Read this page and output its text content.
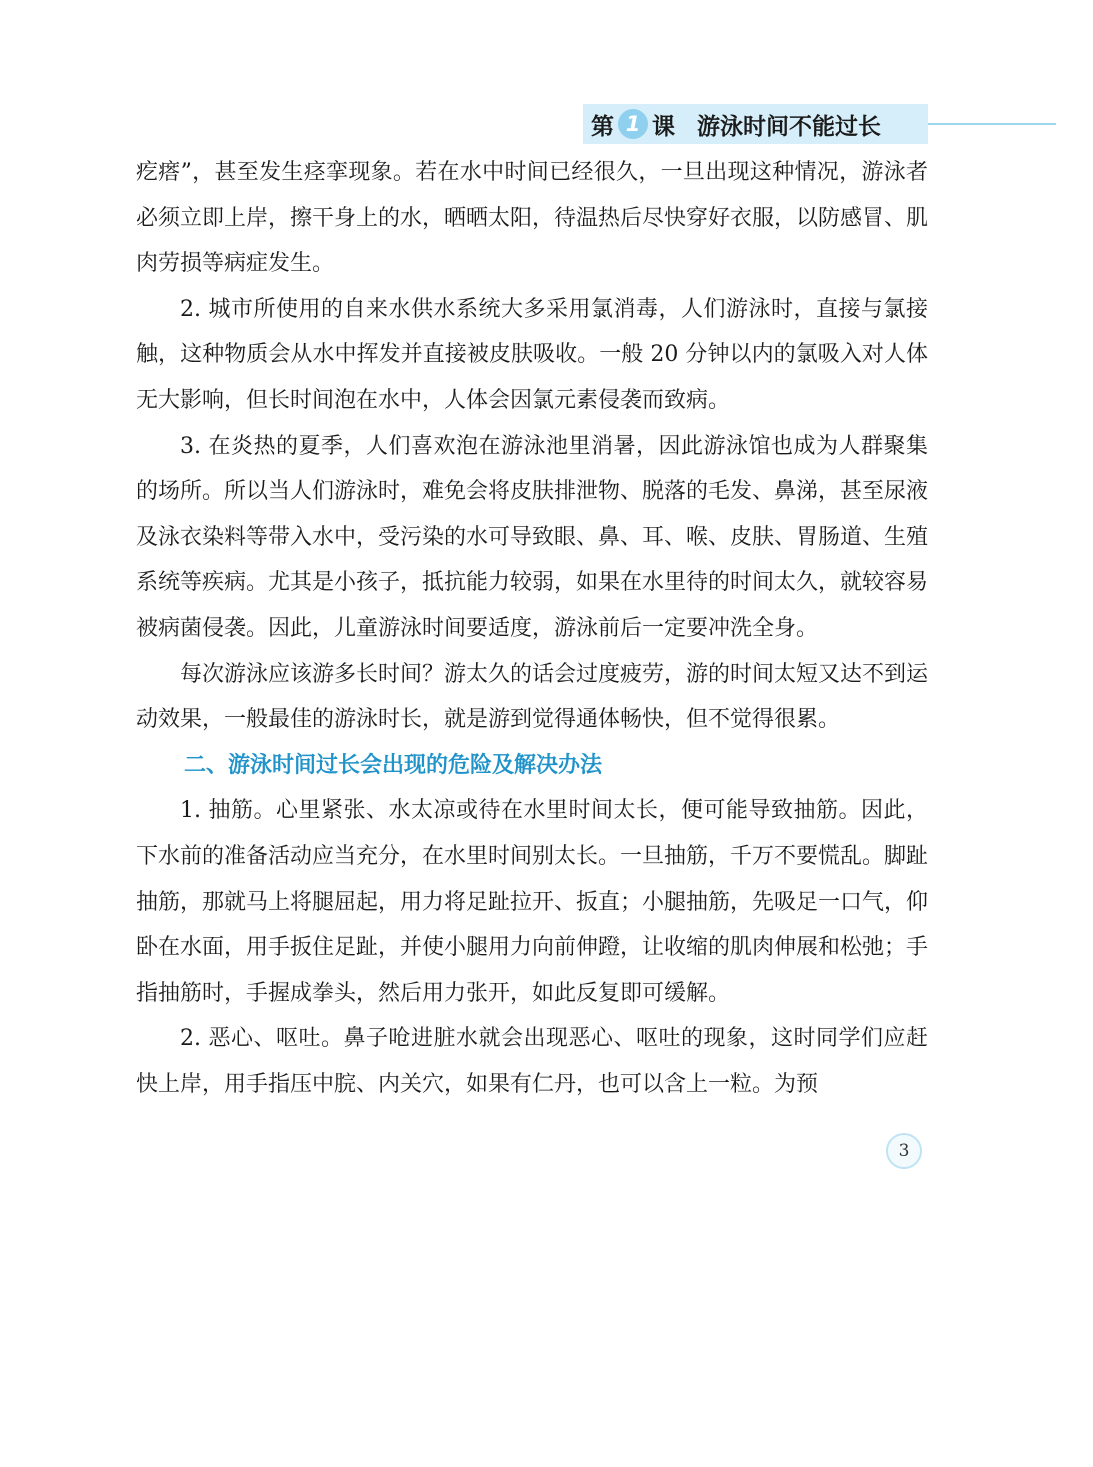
第 1 课 游泳时间不能过长

疙瘩”，甚至发生痉挛现象。若在水中时间已经很久，一旦出现这种情况，游泳者必须立即上岸，擦干身上的水，晒晒太阳，待温热后尽快穿好衣服，以防感冒、肌肉劳损等病症发生。

2. 城市所使用的自来水供水系统大多采用氯消毒，人们游泳时，直接与氯接触，这种物质会从水中挥发并直接被皮肤吸收。一般 20 分钟以内的氯吸入对人体无大影响，但长时间泡在水中，人体会因氯元素侵袭而致病。

3. 在炎热的夏季，人们喜欢泡在游泳池里消暑，因此游泳馆也成为人群聚集的场所。所以当人们游泳时，难免会将皮肤排泄物、脱落的毛发、鼻涕，甚至尿液及泳衣染料等带入水中，受污染的水可导致眼、鼻、耳、喉、皮肤、胃肠道、生殖系统等疾病。尤其是小孩子，抵抗能力较弱，如果在水里待的时间太久，就较容易被病菌侵袭。因此，儿童游泳时间要适度，游泳前后一定要冲洗全身。

每次游泳应该游多长时间？游太久的话会过度疲劳，游的时间太短又达不到运动效果，一般最佳的游泳时长，就是游到觉得通体畅快，但不觉得很累。

二、游泳时间过长会出现的危险及解决办法

1. 抽筋。心里紧张、水太凉或待在水里时间太长，便可能导致抽筋。因此，下水前的准备活动应当充分，在水里时间别太长。一旦抽筋，千万不要慌乱。脚趾抽筋，那就马上将腿屈起，用力将足趾拉开、扳直；小腿抽筋，先吸足一口气，仰卧在水面，用手扳住足趾，并使小腿用力向前伸蹬，让收缩的肌肉伸展和松弛；手指抽筋时，手握成拳头，然后用力张开，如此反复即可缓解。

2. 恶心、呕吐。鼻子呛进脏水就会出现恶心、呕吐的现象，这时同学们应赶快上岸，用手指压中脘、内关穴，如果有仁丹，也可以含上一粒。为预

3
